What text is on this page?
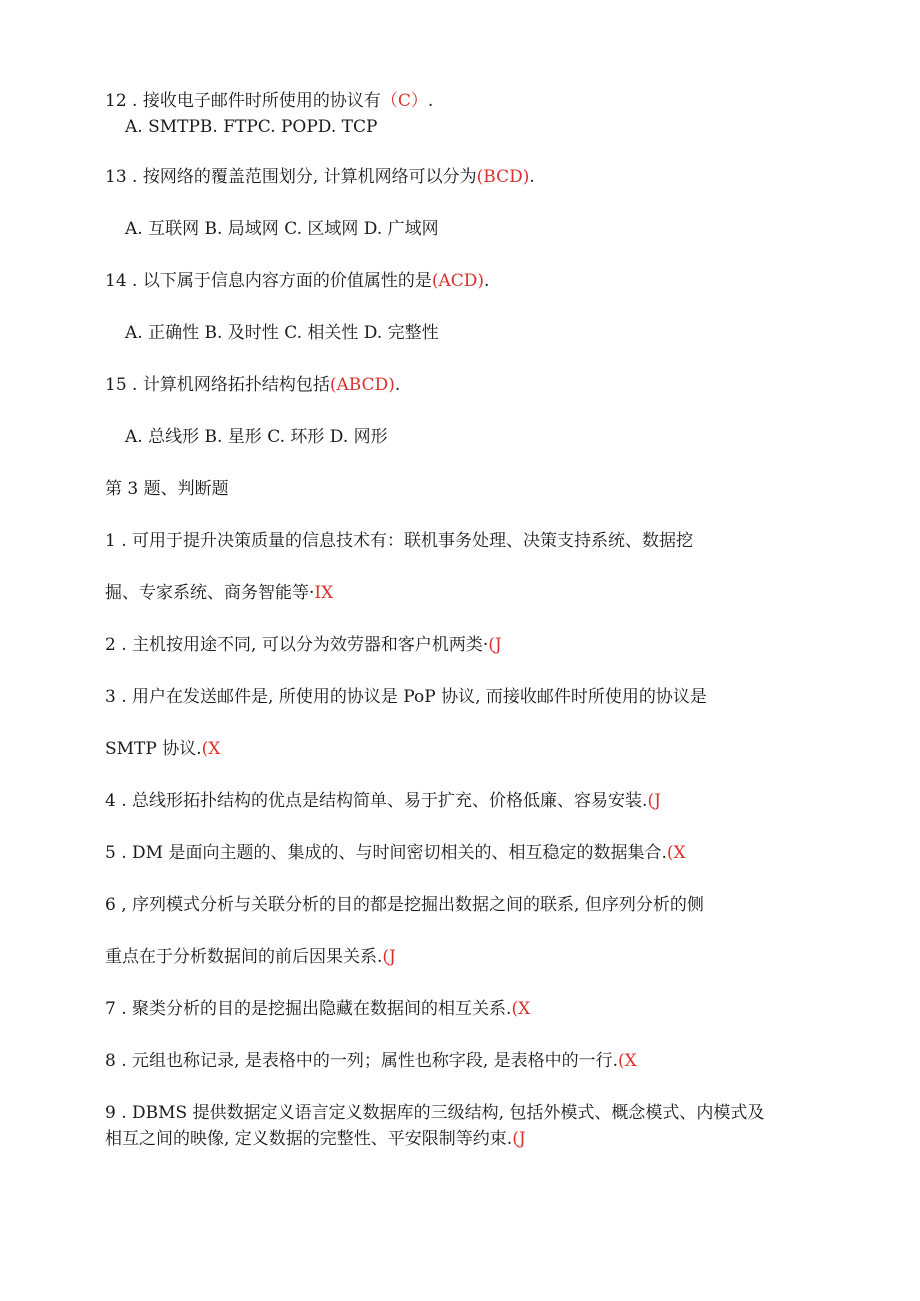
12 . 接收电子邮件时所使用的协议有（C）.
A. SMTPB. FTPC. POPD. TCP
13 . 按网络的覆盖范围划分, 计算机网络可以分为(BCD).
A. 互联网 B. 局域网 C. 区域网 D. 广域网
14 . 以下属于信息内容方面的价值属性的是(ACD).
A. 正确性 B. 及时性 C. 相关性 D. 完整性
15 . 计算机网络拓扑结构包括(ABCD).
A. 总线形 B. 星形 C. 环形 D. 网形
第 3 题、判断题
1 . 可用于提升决策质量的信息技术有：联机事务处理、决策支持系统、数据挖
掘、专家系统、商务智能等·IX
2 . 主机按用途不同, 可以分为效劳器和客户机两类·(J
3 . 用户在发送邮件是, 所使用的协议是 PoP 协议, 而接收邮件时所使用的协议是
SMTP 协议.(X
4 . 总线形拓扑结构的优点是结构简单、易于扩充、价格低廉、容易安装.(J
5 . DM 是面向主题的、集成的、与时间密切相关的、相互稳定的数据集合.(X
6 , 序列模式分析与关联分析的目的都是挖掘出数据之间的联系, 但序列分析的侧
重点在于分析数据间的前后因果关系.(J
7 . 聚类分析的目的是挖掘出隐藏在数据间的相互关系.(X
8 . 元组也称记录, 是表格中的一列；属性也称字段, 是表格中的一行.(X
9 . DBMS 提供数据定义语言定义数据库的三级结构, 包括外模式、概念模式、内模式及
相互之间的映像, 定义数据的完整性、平安限制等约束.(J
